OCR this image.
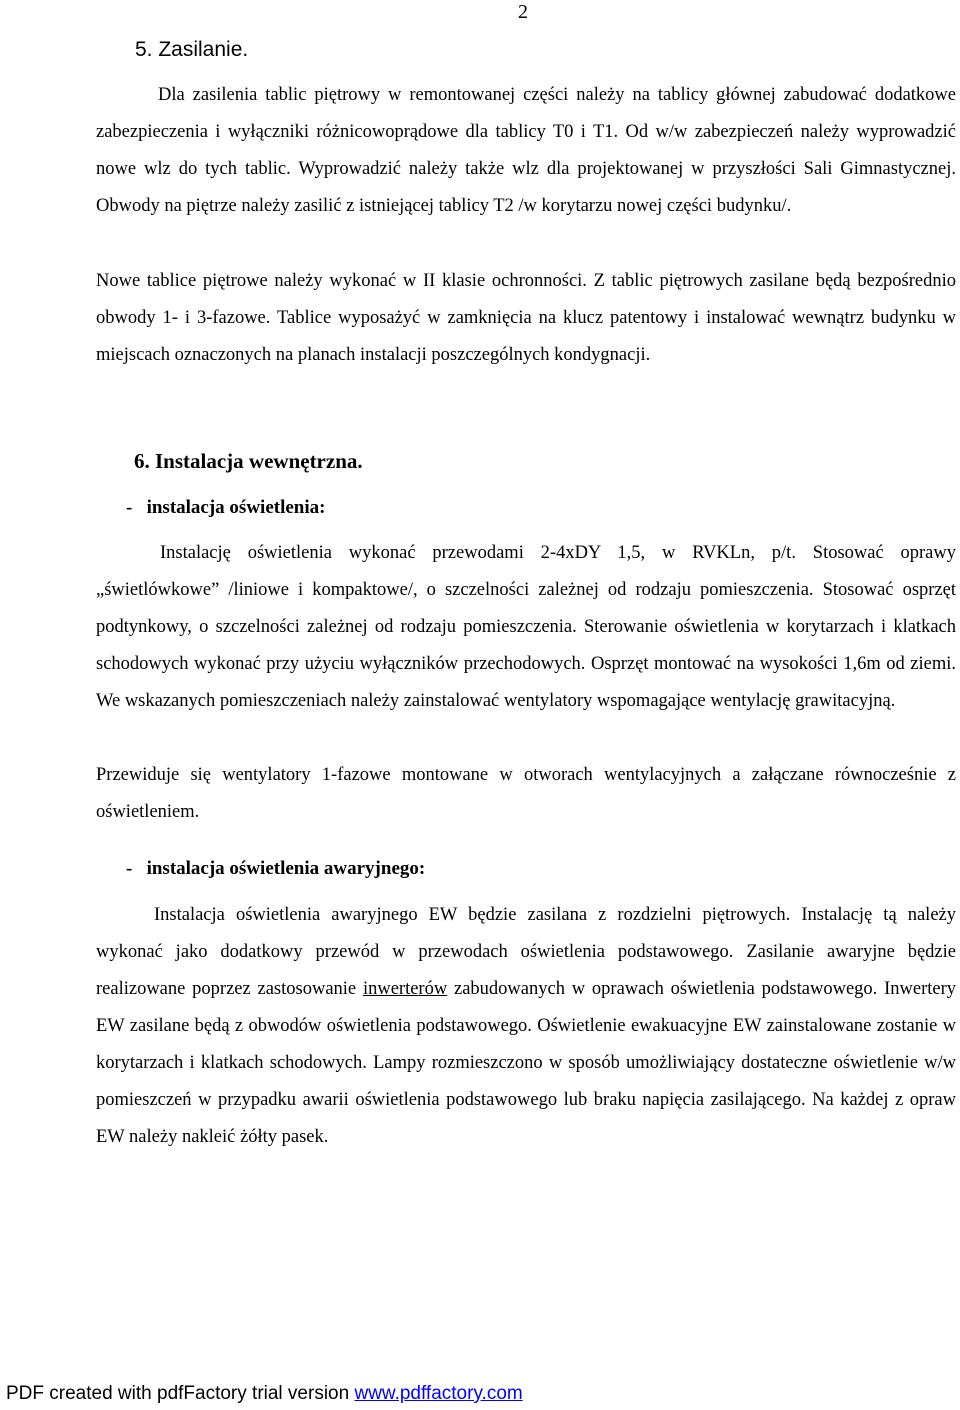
2
5. Zasilanie.

Dla zasilenia tablic piętrowy w remontowanej części należy na tablicy głównej zabudować dodatkowe zabezpieczenia i wyłączniki różnicowoprądowe dla tablicy T0 i T1. Od w/w zabezpieczeń należy wyprowadzić nowe wlz do tych tablic. Wyprowadzić należy także wlz dla projektowanej w przyszłości Sali Gimnastycznej. Obwody na piętrze należy zasilić z istniejącej tablicy T2 /w korytarzu nowej części budynku/.

Nowe tablice piętrowe należy wykonać w II klasie ochronności. Z tablic piętrowych zasilane będą bezpośrednio obwody 1- i 3-fazowe. Tablice wyposażyć w zamknięcia na klucz patentowy i instalować wewnątrz budynku w miejscach oznaczonych na planach instalacji poszczególnych kondygnacji.

6. Instalacja wewnętrzna.
-   instalacja oświetlenia:

Instalację oświetlenia wykonać przewodami 2-4xDY 1,5, w RVKLn, p/t. Stosować oprawy „świetlówkowe” /liniowe i kompaktowe/, o szczelności zależnej od rodzaju pomieszczenia. Stosować osprzęt podtynkowy, o szczelności zależnej od rodzaju pomieszczenia. Sterowanie oświetlenia w korytarzach i klatkach schodowych wykonać przy użyciu wyłączników przechodowych. Osprzęt montować na wysokości 1,6m od ziemi. We wskazanych pomieszczeniach należy zainstalować wentylatory wspomagające wentylację grawitacyjną.

Przewiduje się wentylatory 1-fazowe montowane w otworach wentylacyjnych a załączane równocześnie z oświetleniem.

-   instalacja oświetlenia awaryjnego:

Instalacja oświetlenia awaryjnego EW będzie zasilana z rozdzielni piętrowych. Instalację tą należy wykonać jako dodatkowy przewód w przewodach oświetlenia podstawowego. Zasilanie awaryjne będzie realizowane poprzez zastosowanie inwerterów zabudowanych w oprawach oświetlenia podstawowego. Inwertery EW zasilane będą z obwodów oświetlenia podstawowego. Oświetlenie ewakuacyjne EW zainstalowane zostanie w korytarzach i klatkach schodowych. Lampy rozmieszczono w sposób umożliwiający dostateczne oświetlenie w/w pomieszczeń w przypadku awarii oświetlenia podstawowego lub braku napięcia zasilającego. Na każdej z opraw EW należy nakleić żółty pasek.

PDF created with pdfFactory trial version www.pdffactory.com
